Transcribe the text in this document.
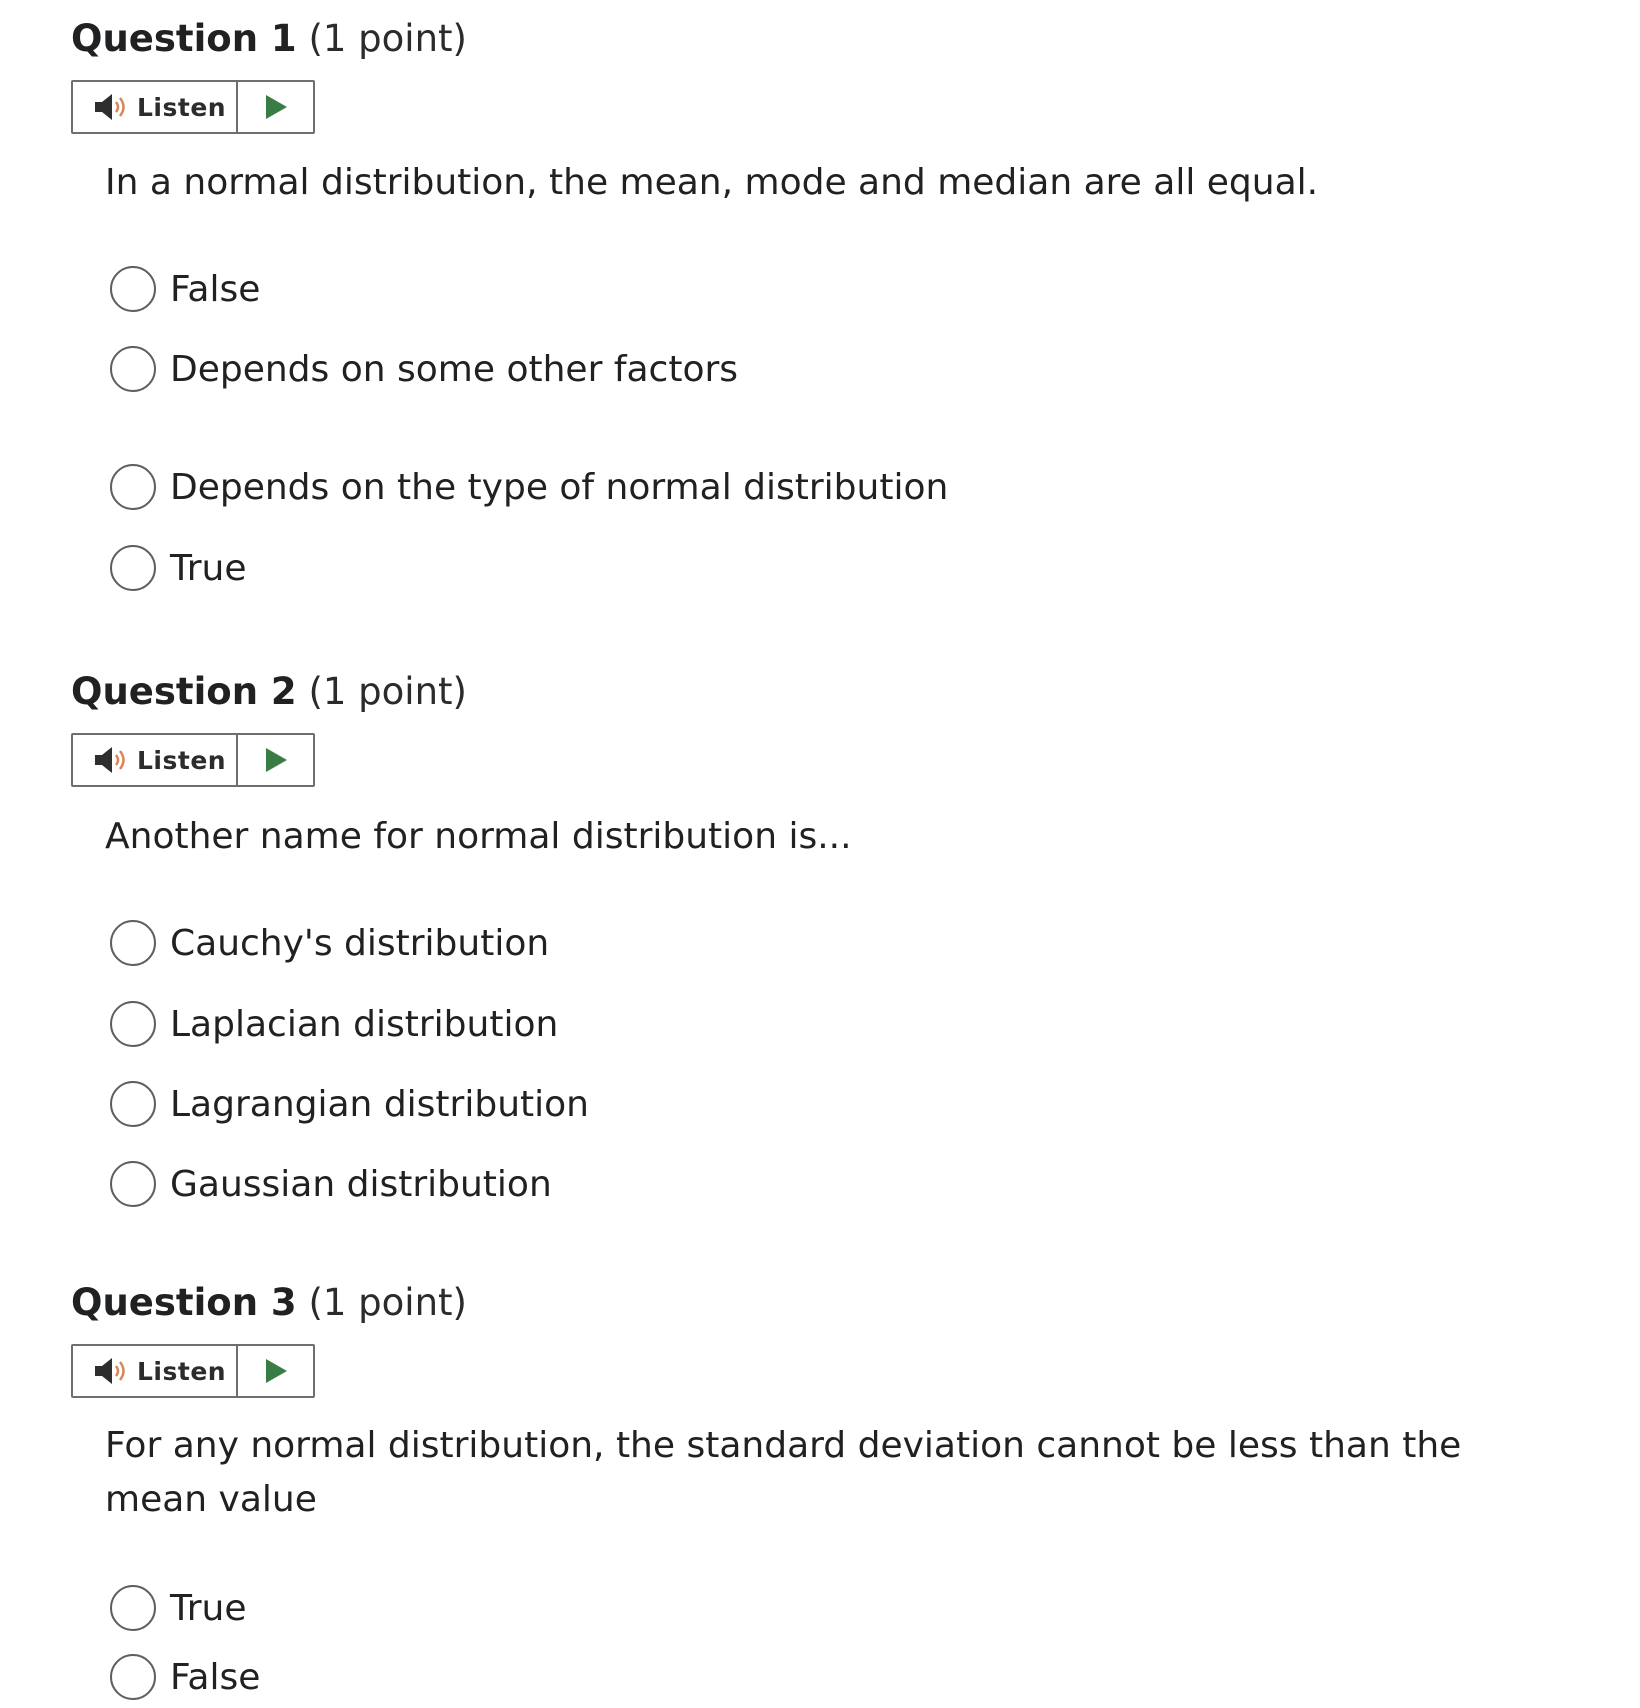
Question 1 (1 point)
Listen
In a normal distribution, the mean, mode and median are all equal.
False
Depends on some other factors
Depends on the type of normal distribution
True
Question 2 (1 point)
Listen
Another name for normal distribution is...
Cauchy's distribution
Laplacian distribution
Lagrangian distribution
Gaussian distribution
Question 3 (1 point)
Listen
For any normal distribution, the standard deviation cannot be less than the mean value
True
False
